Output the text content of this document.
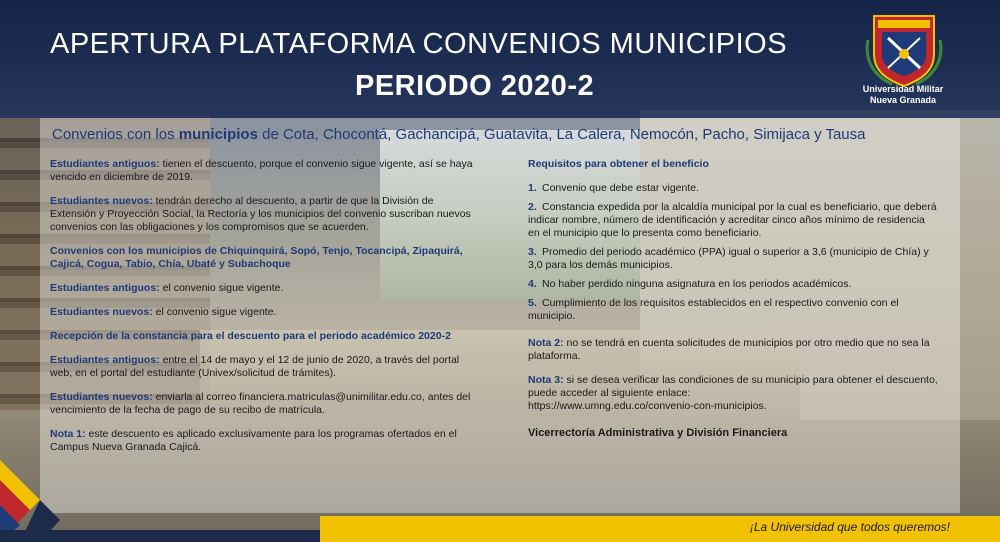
APERTURA PLATAFORMA CONVENIOS MUNICIPIOS
PERIODO 2020-2	Universidad Militar
Nueva Granada
Convenios con los municipios de Cota, Chocontá, Gachancipá, Guatavita, La Calera, Nemocón, Pacho, Simijaca y Tausa

Estudiantes antiguos: tienen el descuento, porque el convenio sigue vigente, así se haya vencido en diciembre de 2019.

Estudiantes nuevos: tendrán derecho al descuento, a partir de que la División de Extensión y Proyección Social, la Rectoría y los municipios del convenio suscriban nuevos convenios con las obligaciones y los compromisos que se acuerden.

Convenios con los municipios de Chiquinquirá, Sopó, Tenjo, Tocancipá, Zipaquirá, Cajicá, Cogua, Tabio, Chía, Ubaté y Subachoque

Estudiantes antiguos: el convenio sigue vigente.

Estudiantes nuevos: el convenio sigue vigente.

Recepción de la constancia para el descuento para el periodo académico 2020-2

Estudiantes antiguos: entre el 14 de mayo y el 12 de junio de 2020, a través del portal web, en el portal del estudiante (Univex/solicitud de trámites).

Estudiantes nuevos: enviarla al correo financiera.matriculas@unimilitar.edu.co, antes del vencimiento de la fecha de pago de su recibo de matrícula.

Nota 1: este descuento es aplicado exclusivamente para los programas ofertados en el Campus Nueva Granada Cajicá.

Requisitos para obtener el beneficio

1. Convenio que debe estar vigente.
2. Constancia expedida por la alcaldía municipal por la cual es beneficiario, que deberá indicar nombre, número de identificación y acreditar cinco años mínimo de residencia en el municipio que lo presenta como beneficiario.
3. Promedio del periodo académico (PPA) igual o superior a 3,6 (municipio de Chía) y 3,0 para los demás municipios.
4. No haber perdido ninguna asignatura en los periodos académicos.
5. Cumplimiento de los requisitos establecidos en el respectivo convenio con el municipio.

Nota 2: no se tendrá en cuenta solicitudes de municipios por otro medio que no sea la plataforma.

Nota 3: si se desea verificar las condiciones de su municipio para obtener el descuento, puede acceder al siguiente enlace:
https://www.umng.edu.co/convenio-con-municipios.

Vicerrectoría Administrativa y División Financiera
¡La Universidad que todos queremos!
